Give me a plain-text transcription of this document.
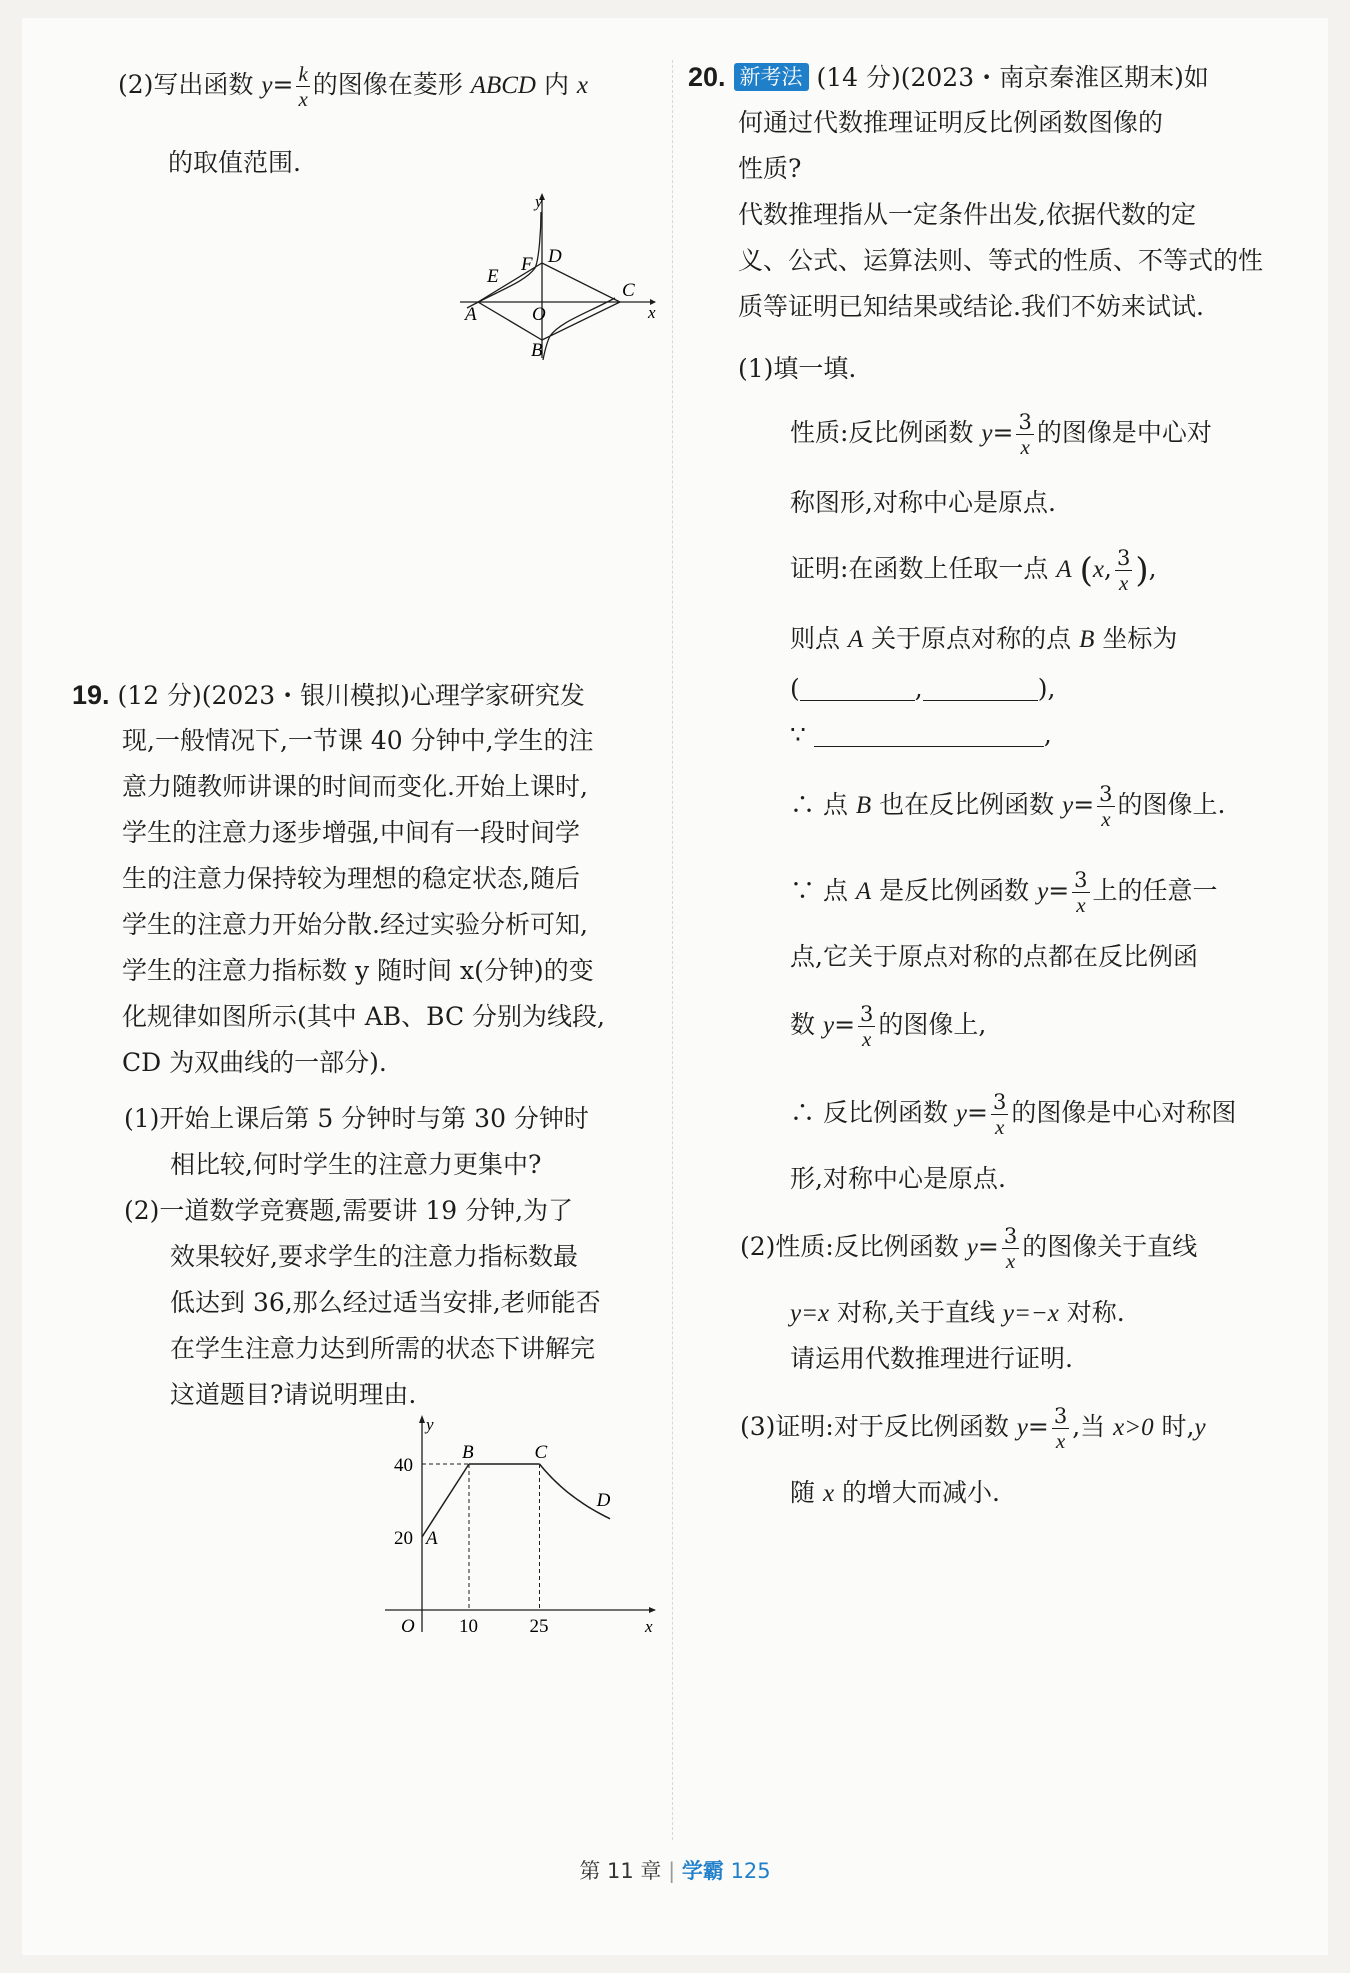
(2)写出函数 $y= \frac{k}{x}$ 的图像在菱形 ABCD 内 x
的取值范围.
y
x
O
A
B
C
D
E
F
19. (12 分)(2023・银川模拟)心理学家研究发
现,一般情况下,一节课 40 分钟中,学生的注
意力随教师讲课的时间而变化.开始上课时,
学生的注意力逐步增强,中间有一段时间学
生的注意力保持较为理想的稳定状态,随后
学生的注意力开始分散.经过实验分析可知,
学生的注意力指标数 y 随时间 x(分钟)的变
化规律如图所示(其中 AB、BC 分别为线段,
CD 为双曲线的一部分).
(1)开始上课后第 5 分钟时与第 30 分钟时
相比较,何时学生的注意力更集中?
(2)一道数学竞赛题,需要讲 19 分钟,为了
效果较好,要求学生的注意力指标数最
低达到 36,那么经过适当安排,老师能否
在学生注意力达到所需的状态下讲解完
这道题目?请说明理由.
10	25
20
40
y
x
O
A
B	C
D
20. 新考法 (14 分)(2023・南京秦淮区期末)如
何通过代数推理证明反比例函数图像的
性质?
代数推理指从一定条件出发,依据代数的定
义、公式、运算法则、等式的性质、不等式的性
质等证明已知结果或结论.我们不妨来试试.
(1)填一填.
性质:反比例函数 $y= \frac{3}{x}$ 的图像是中心对
称图形,对称中心是原点.
证明:在函数上任取一点 A (x, $\frac{3}{x}$ ),
则点 A 关于原点对称的点 B 坐标为
(	,	),
∵	,
∴ 点 B 也在反比例函数 $y= \frac{3}{x}$ 的图像上.
∵ 点 A 是反比例函数 $y= \frac{3}{x}$ 上的任意一
点,它关于原点对称的点都在反比例函
数 $y= \frac{3}{x}$ 的图像上,
∴ 反比例函数 $y= \frac{3}{x}$ 的图像是中心对称图
形,对称中心是原点.
(2)性质:反比例函数 $y= \frac{3}{x}$ 的图像关于直线
y=x 对称,关于直线 y=−x 对称.
请运用代数推理进行证明.
(3)证明:对于反比例函数 $y= \frac{3}{x}$ ,当 x>0 时,y
随 x 的增大而减小.
第 11 章 | 学霸 125
